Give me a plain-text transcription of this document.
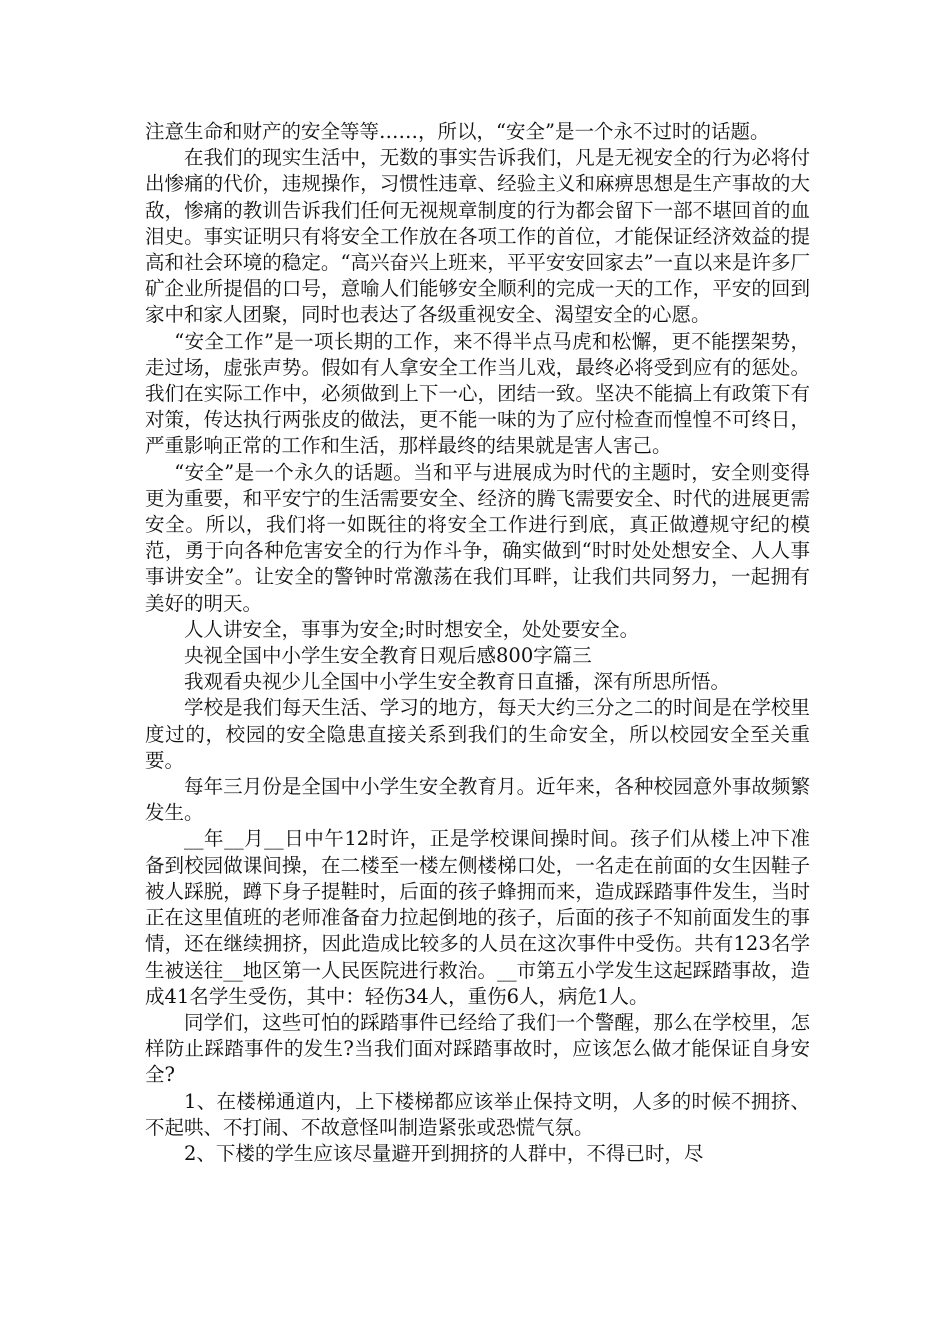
注意生命和财产的安全等等……，所以，“安全”是一个永不过时的话题。

在我们的现实生活中，无数的事实告诉我们，凡是无视安全的行为必将付出惨痛的代价，违规操作，习惯性违章、经验主义和麻痹思想是生产事故的大敌，惨痛的教训告诉我们任何无视规章制度的行为都会留下一部不堪回首的血泪史。事实证明只有将安全工作放在各项工作的首位，才能保证经济效益的提高和社会环境的稳定。“高兴奋兴上班来，平平安安回家去”一直以来是许多厂矿企业所提倡的口号，意喻人们能够安全顺利的完成一天的工作，平安的回到家中和家人团聚，同时也表达了各级重视安全、渴望安全的心愿。

“安全工作”是一项长期的工作，来不得半点马虎和松懈，更不能摆架势，走过场，虚张声势。假如有人拿安全工作当儿戏，最终必将受到应有的惩处。我们在实际工作中，必须做到上下一心，团结一致。坚决不能搞上有政策下有对策，传达执行两张皮的做法，更不能一味的为了应付检查而惶惶不可终日，严重影响正常的工作和生活，那样最终的结果就是害人害己。

“安全”是一个永久的话题。当和平与进展成为时代的主题时，安全则变得更为重要，和平安宁的生活需要安全、经济的腾飞需要安全、时代的进展更需安全。所以，我们将一如既往的将安全工作进行到底，真正做遵规守纪的模范，勇于向各种危害安全的行为作斗争，确实做到“时时处处想安全、人人事事讲安全”。让安全的警钟时常激荡在我们耳畔，让我们共同努力，一起拥有美好的明天。

人人讲安全，事事为安全;时时想安全，处处要安全。

央视全国中小学生安全教育日观后感800字篇三

我观看央视少儿全国中小学生安全教育日直播，深有所思所悟。

学校是我们每天生活、学习的地方，每天大约三分之二的时间是在学校里度过的，校园的安全隐患直接关系到我们的生命安全，所以校园安全至关重要。

每年三月份是全国中小学生安全教育月。近年来，各种校园意外事故频繁发生。

__年__月__日中午12时许，正是学校课间操时间。孩子们从楼上冲下准备到校园做课间操，在二楼至一楼左侧楼梯口处，一名走在前面的女生因鞋子被人踩脱，蹲下身子提鞋时，后面的孩子蜂拥而来，造成踩踏事件发生，当时正在这里值班的老师准备奋力拉起倒地的孩子，后面的孩子不知前面发生的事情，还在继续拥挤，因此造成比较多的人员在这次事件中受伤。共有123名学生被送往__地区第一人民医院进行救治。__市第五小学发生这起踩踏事故，造成41名学生受伤，其中：轻伤34人，重伤6人，病危1人。

同学们，这些可怕的踩踏事件已经给了我们一个警醒，那么在学校里，怎样防止踩踏事件的发生?当我们面对踩踏事故时，应该怎么做才能保证自身安全?

1、在楼梯通道内，上下楼梯都应该举止保持文明，人多的时候不拥挤、不起哄、不打闹、不故意怪叫制造紧张或恐慌气氛。

2、下楼的学生应该尽量避开到拥挤的人群中，不得已时，尽
